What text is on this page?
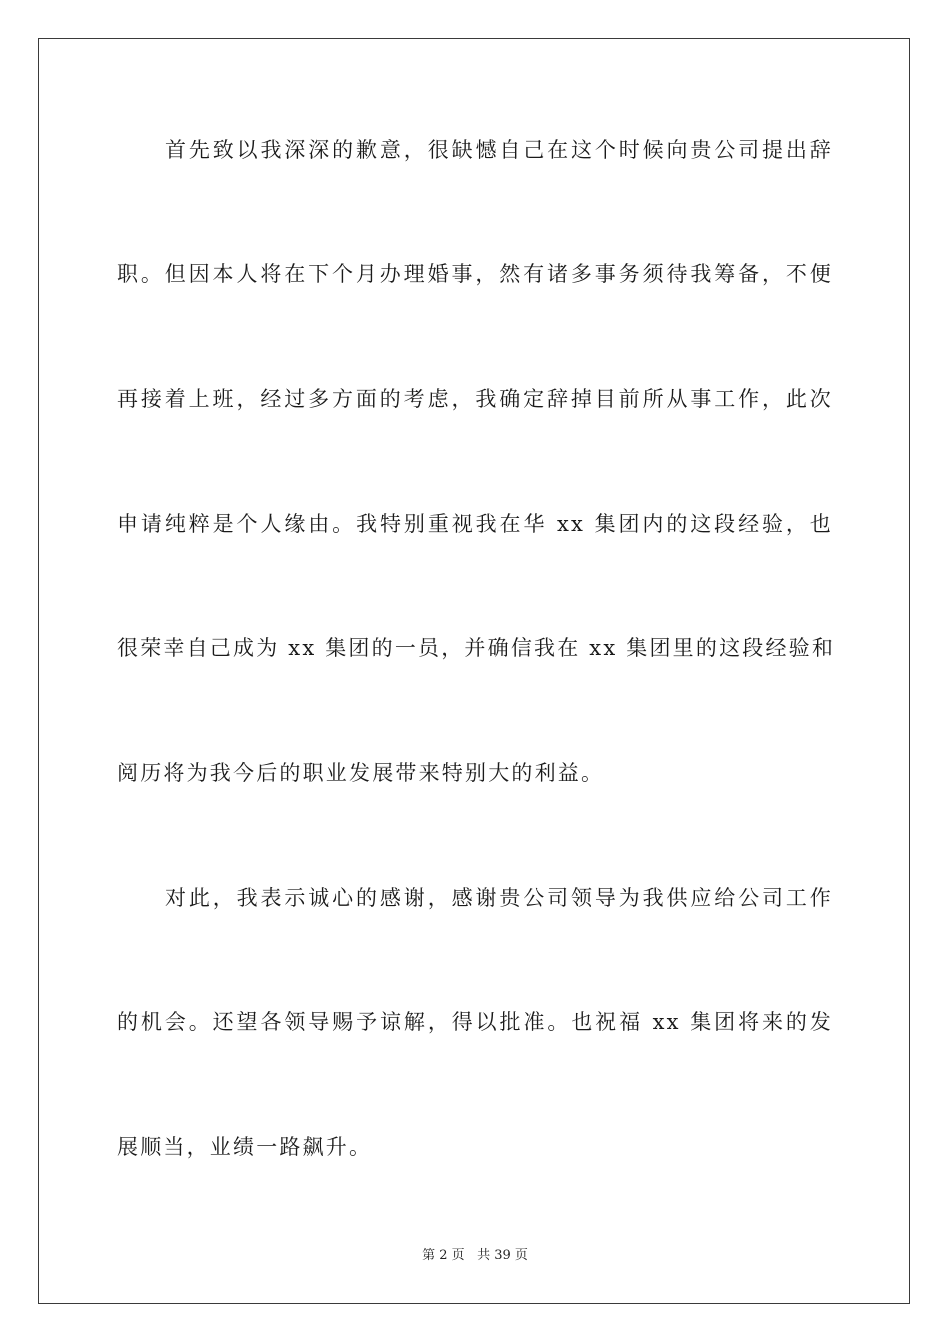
首先致以我深深的歉意，很缺憾自己在这个时候向贵公司提出辞
职。但因本人将在下个月办理婚事，然有诸多事务须待我筹备，不便
再接着上班，经过多方面的考虑，我确定辞掉目前所从事工作，此次
申请纯粹是个人缘由。我特别重视我在华 xx 集团内的这段经验，也
很荣幸自己成为 xx 集团的一员，并确信我在 xx 集团里的这段经验和
阅历将为我今后的职业发展带来特别大的利益。
对此，我表示诚心的感谢，感谢贵公司领导为我供应给公司工作
的机会。还望各领导赐予谅解，得以批准。也祝福 xx 集团将来的发
展顺当，业绩一路飙升。
第 2 页 共 39 页
